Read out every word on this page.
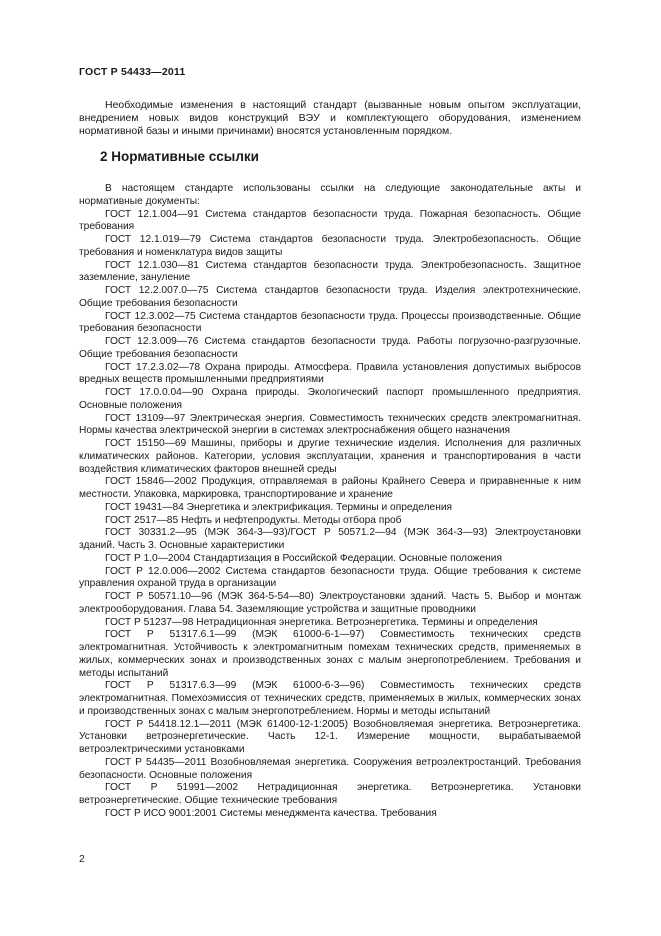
ГОСТ Р 54433—2011

Необходимые изменения в настоящий стандарт (вызванные новым опытом эксплуатации, внедрением новых видов конструкций ВЭУ и комплектующего оборудования, изменением нормативной базы и иными причинами) вносятся установленным порядком.

2 Нормативные ссылки

В настоящем стандарте использованы ссылки на следующие законодательные акты и нормативные документы:

ГОСТ 12.1.004—91 Система стандартов безопасности труда. Пожарная безопасность. Общие требования

ГОСТ 12.1.019—79 Система стандартов безопасности труда. Электробезопасность. Общие требования и номенклатура видов защиты

ГОСТ 12.1.030—81 Система стандартов безопасности труда. Электробезопасность. Защитное заземление, зануление

ГОСТ 12.2.007.0—75 Система стандартов безопасности труда. Изделия электротехнические. Общие требования безопасности

ГОСТ 12.3.002—75 Система стандартов безопасности труда. Процессы производственные. Общие требования безопасности

ГОСТ 12.3.009—76 Система стандартов безопасности труда. Работы погрузочно-разгрузочные. Общие требования безопасности

ГОСТ 17.2.3.02—78 Охрана природы. Атмосфера. Правила установления допустимых выбросов вредных веществ промышленными предприятиями

ГОСТ 17.0.0.04—90 Охрана природы. Экологический паспорт промышленного предприятия. Основные положения

ГОСТ 13109—97 Электрическая энергия. Совместимость технических средств электромагнитная. Нормы качества электрической энергии в системах электроснабжения общего назначения

ГОСТ 15150—69 Машины, приборы и другие технические изделия. Исполнения для различных климатических районов. Категории, условия эксплуатации, хранения и транспортирования в части воздействия климатических факторов внешней среды

ГОСТ 15846—2002 Продукция, отправляемая в районы Крайнего Севера и приравненные к ним местности. Упаковка, маркировка, транспортирование и хранение

ГОСТ 19431—84 Энергетика и электрификация. Термины и определения

ГОСТ 2517—85 Нефть и нефтепродукты. Методы отбора проб

ГОСТ 30331.2—95 (МЭК 364-3—93)/ГОСТ Р 50571.2—94 (МЭК 364-3—93) Электроустановки зданий. Часть 3. Основные характеристики

ГОСТ Р 1.0—2004 Стандартизация в Российской Федерации. Основные положения

ГОСТ Р 12.0.006—2002 Система стандартов безопасности труда. Общие требования к системе управления охраной труда в организации

ГОСТ Р 50571.10—96 (МЭК 364-5-54—80) Электроустановки зданий. Часть 5. Выбор и монтаж электрооборудования. Глава 54. Заземляющие устройства и защитные проводники

ГОСТ Р 51237—98 Нетрадиционная энергетика. Ветроэнергетика. Термины и определения

ГОСТ Р 51317.6.1—99 (МЭК 61000-6-1—97) Совместимость технических средств электромагнитная. Устойчивость к электромагнитным помехам технических средств, применяемых в жилых, коммерческих зонах и производственных зонах с малым энергопотреблением. Требования и методы испытаний

ГОСТ Р 51317.6.3—99 (МЭК 61000-6-3—96) Совместимость технических средств электромагнитная. Помехоэмиссия от технических средств, применяемых в жилых, коммерческих зонах и производственных зонах с малым энергопотреблением. Нормы и методы испытаний

ГОСТ Р 54418.12.1—2011 (МЭК 61400-12-1:2005) Возобновляемая энергетика. Ветроэнергетика. Установки ветроэнергетические. Часть 12-1. Измерение мощности, вырабатываемой ветроэлектрическими установками

ГОСТ Р 54435—2011 Возобновляемая энергетика. Сооружения ветроэлектростанций. Требования безопасности. Основные положения

ГОСТ Р 51991—2002 Нетрадиционная энергетика. Ветроэнергетика. Установки ветроэнергетические. Общие технические требования

ГОСТ Р ИСО 9001:2001 Системы менеджмента качества. Требования

2
